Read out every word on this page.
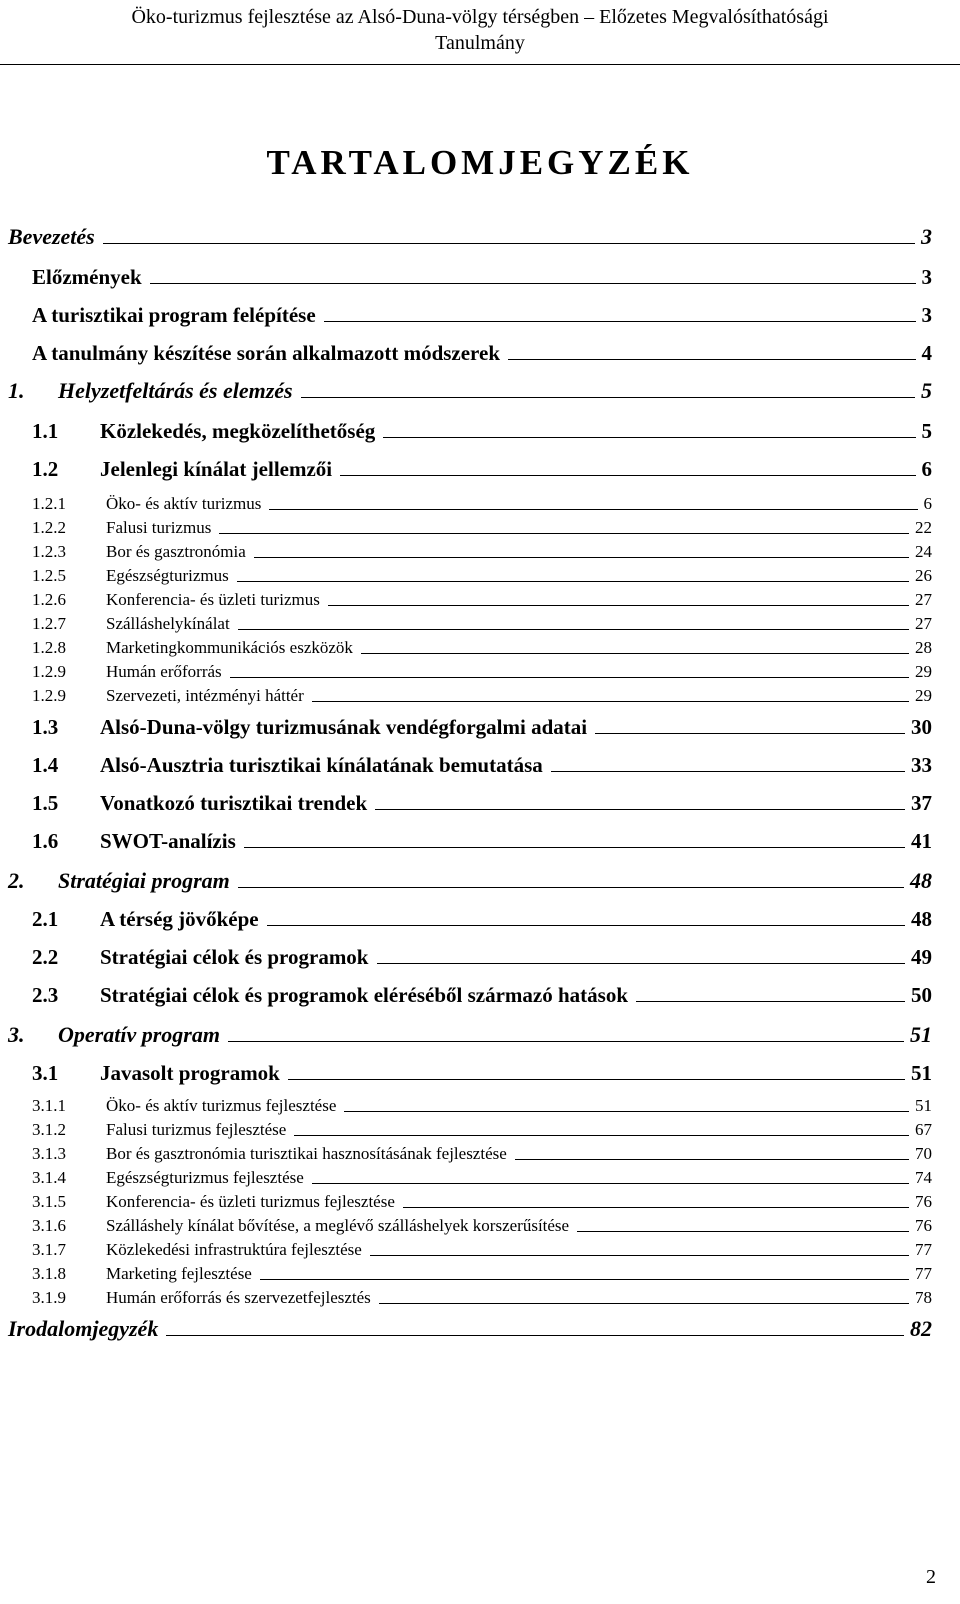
Öko-turizmus fejlesztése az Alsó-Duna-völgy térségben – Előzetes Megvalósíthatósági
Tanulmány
TARTALOMJEGYZÉK
Bevezetés	3
Előzmények	3
A turisztikai program felépítése	3
A tanulmány készítése során alkalmazott módszerek	4
1.	Helyzetfeltárás és elemzés	5
1.1	Közlekedés, megközelíthetőség	5
1.2	Jelenlegi kínálat jellemzői	6
1.2.1	Öko- és aktív turizmus	6
1.2.2	Falusi turizmus	22
1.2.3	Bor és gasztronómia	24
1.2.5	Egészségturizmus	26
1.2.6	Konferencia- és üzleti turizmus	27
1.2.7	Szálláshelykínálat	27
1.2.8	Marketingkommunikációs eszközök	28
1.2.9	Humán erőforrás	29
1.2.9	Szervezeti, intézményi háttér	29
1.3	Alsó-Duna-völgy turizmusának vendégforgalmi adatai	30
1.4	Alsó-Ausztria turisztikai kínálatának bemutatása	33
1.5	Vonatkozó turisztikai trendek	37
1.6	SWOT-analízis	41
2.	Stratégiai program	48
2.1	A térség jövőképe	48
2.2	Stratégiai célok és programok	49
2.3	Stratégiai célok és programok eléréséből származó hatások	50
3.	Operatív program	51
3.1	Javasolt programok	51
3.1.1	Öko- és aktív turizmus fejlesztése	51
3.1.2	Falusi turizmus fejlesztése	67
3.1.3	Bor és gasztronómia turisztikai hasznosításának fejlesztése	70
3.1.4	Egészségturizmus fejlesztése	74
3.1.5	Konferencia- és üzleti turizmus fejlesztése	76
3.1.6	Szálláshely kínálat bővítése, a meglévő szálláshelyek korszerűsítése	76
3.1.7	Közlekedési infrastruktúra fejlesztése	77
3.1.8	Marketing fejlesztése	77
3.1.9	Humán erőforrás és szervezetfejlesztés	78
Irodalomjegyzék	82
2
